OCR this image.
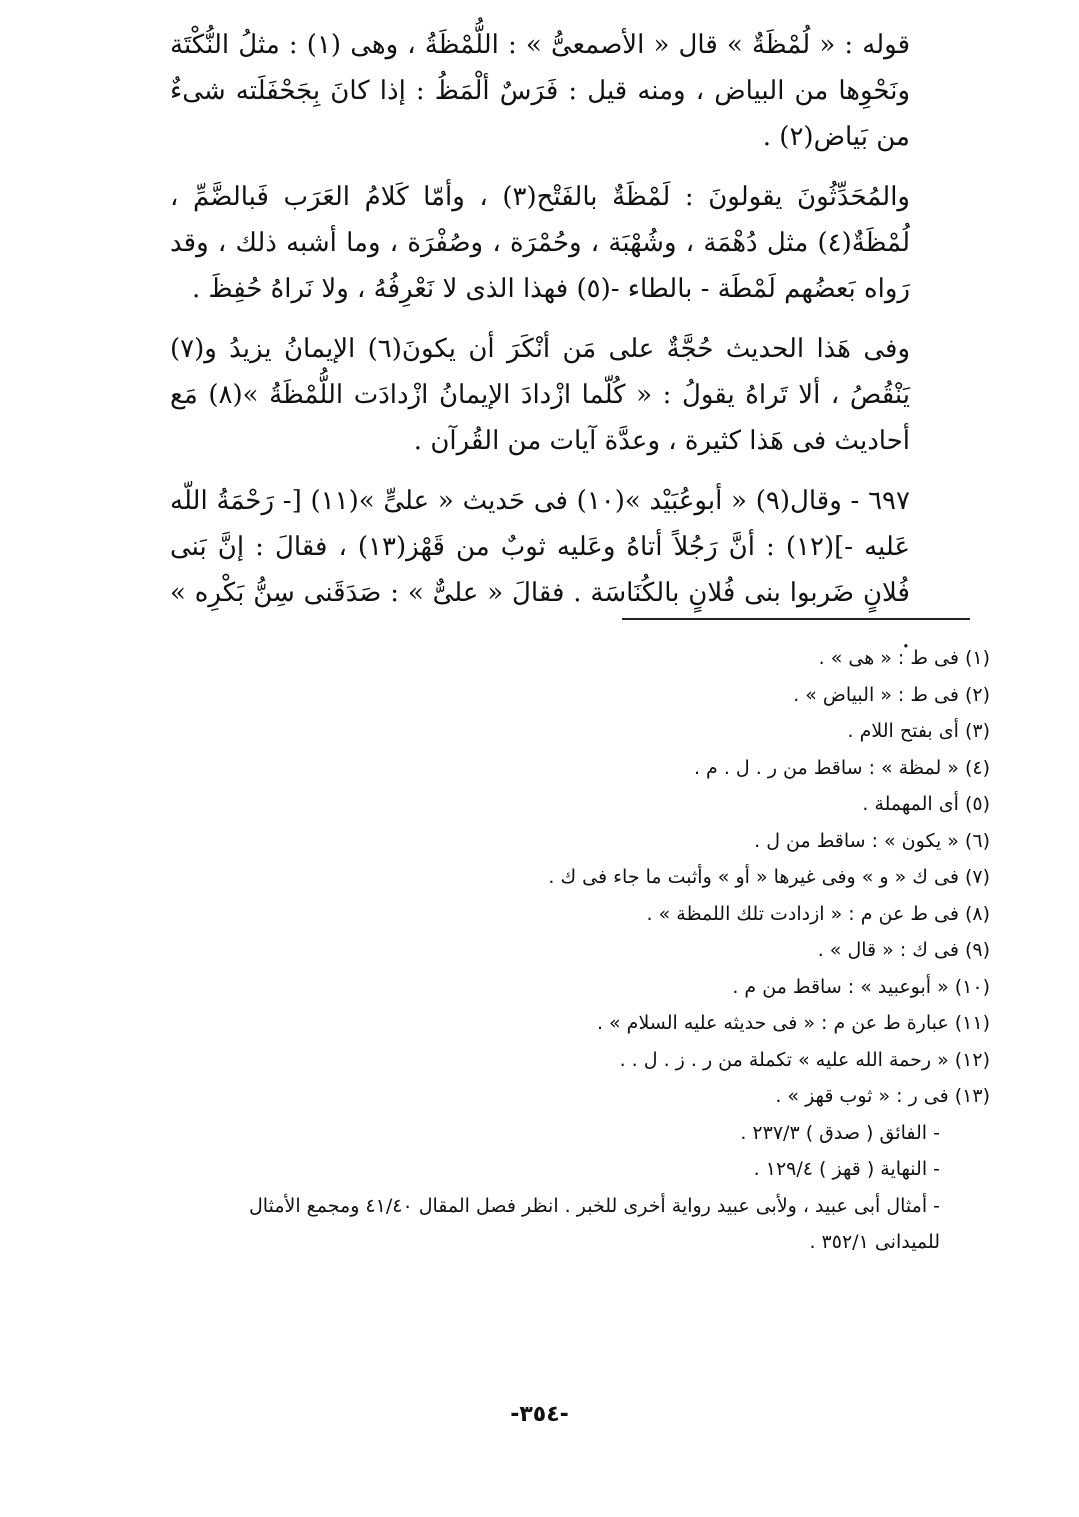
قوله : « لُمْظَةٌ » قال « الأصمعىُّ » : اللُّمْظَةُ ، وهى (١) : مثلُ النُّكْتَة ونَحْوِها من البياض ، ومنه قيل : فَرَسٌ ألْمَظُ : إذا كانَ بِجَحْفَلَته شىءٌ من بَياض(٢) .

والمُحَدِّثُونَ يقولونَ : لَمْظَةٌ بالفَتْح(٣) ، وأمّا كَلامُ العَرَب فَبالضَّمِّ ، لُمْظَةٌ(٤) مثل دُهْمَة ، وشُهْبَة ، وحُمْرَة ، وصُفْرَة ، وما أشبه ذلك ، وقد رَواه بَعضُهم لَمْطَة - بالطاء -(٥) فهذا الذى لا نَعْرِفُهُ ، ولا نَراهُ حُفِظَ .

وفى هَذا الحديث حُجَّةٌ على مَن أنْكَرَ أن يكونَ(٦) الإيمانُ يزيدُ و(٧) يَنْقُصُ ، ألا تَراهُ يقولُ : « كُلّما ازْدادَ الإيمانُ ازْدادَت اللُّمْظَةُ »(٨) مَع أحاديث فى هَذا كثيرة ، وعدَّة آيات من القُرآن .

٦٩٧ - وقال(٩) « أبوعُبَيْد »(١٠) فى حَديث « علىٍّ »(١١) [- رَحْمَةُ اللّه عَليه -](١٢) : أنَّ رَجُلاً أتاهُ وعَليه ثوبٌ من قَهْز(١٣) ، فقالَ : إنَّ بَنى فُلانٍ ضَربوا بنى فُلانٍ بالكُنَاسَة . فقالَ « علىٌّ » : صَدَقَنى سِنُّ بَكْرِه » .

(١) فى ط : « هى » .

(٢) فى ط : « البياض » .

(٣) أى بفتح اللام .

(٤) « لمظة » : ساقط من ر . ل . م .

(٥) أى المهملة .

(٦) « يكون » : ساقط من ل .

(٧) فى ك « و » وفى غيرها « أو » وأثبت ما جاء فى ك .

(٨) فى ط عن م : « ازدادت تلك اللمظة » .

(٩) فى ك : « قال » .

(١٠) « أبوعبيد » : ساقط من م .

(١١) عبارة ط عن م : « فى حديثه عليه السلام » .

(١٢) « رحمة الله عليه » تكملة من ر . ز . ل . .

(١٣) فى ر : « ثوب قهز » .

- الفائق ( صدق ) ٢٣٧/٣ .

- النهاية ( قهز ) ١٢٩/٤ .

- أمثال أبى عبيد ، ولأبى عبيد رواية أخرى للخبر . انظر فصل المقال ٤١/٤٠ ومجمع الأمثال للميدانى ٣٥٢/١ .

-٣٥٤-
